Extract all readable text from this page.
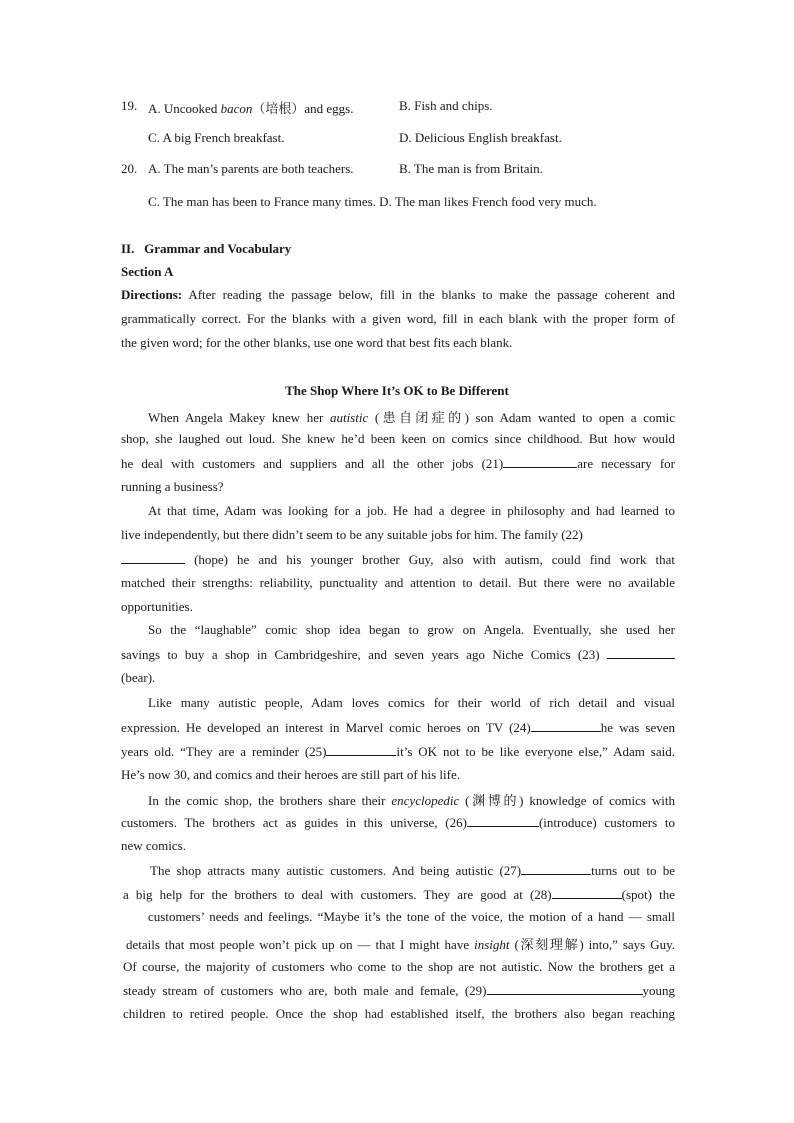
19. A. Uncooked bacon（培根）and eggs.	B. Fish and chips.
C. A big French breakfast.	D. Delicious English breakfast.
20. A. The man’s parents are both teachers.	B. The man is from Britain.
C. The man has been to France many times. D. The man likes French food very much.
II. Grammar and Vocabulary
Section A
Directions: After reading the passage below, fill in the blanks to make the passage coherent and
grammatically correct. For the blanks with a given word, fill in each blank with the proper form of
the given word; for the other blanks, use one word that best fits each blank.
The Shop Where It’s OK to Be Different
When Angela Makey knew her autistic (患自闭症的) son Adam wanted to open a comic
shop, she laughed out loud. She knew he’d been keen on comics since childhood. But how would
he deal with customers and suppliers and all the other jobs (21)	are necessary for
running a business?
At that time, Adam was looking for a job. He had a degree in philosophy and had learned to
live independently, but there didn’t seem to be any suitable jobs for him. The family (22)
(hope) he and his younger brother Guy, also with autism, could find work that
matched their strengths: reliability, punctuality and attention to detail. But there were no available
opportunities.
So the “laughable” comic shop idea began to grow on Angela. Eventually, she used her
savings to buy a shop in Cambridgeshire, and seven years ago Niche Comics (23)
(bear).
Like many autistic people, Adam loves comics for their world of rich detail and visual
expression. He developed an interest in Marvel comic heroes on TV (24)	he was seven
years old. “They are a reminder (25)	it’s OK not to be like everyone else,” Adam said.
He’s now 30, and comics and their heroes are still part of his life.
In the comic shop, the brothers share their encyclopedic (渊博的) knowledge of comics with
customers. The brothers act as guides in this universe, (26)	(introduce) customers to
new comics.
The shop attracts many autistic customers. And being autistic (27)	turns out to be
a big help for the brothers to deal with customers. They are good at (28)	(spot) the
customers’ needs and feelings. “Maybe it’s the tone of the voice, the motion of a hand — small
details that most people won’t pick up on — that I might have insight (深刻理解) into,” says Guy.
Of course, the majority of customers who come to the shop are not autistic. Now the brothers get a
steady stream of customers who are, both male and female, (29)	young
children to retired people. Once the shop had established itself, the brothers also began reaching
